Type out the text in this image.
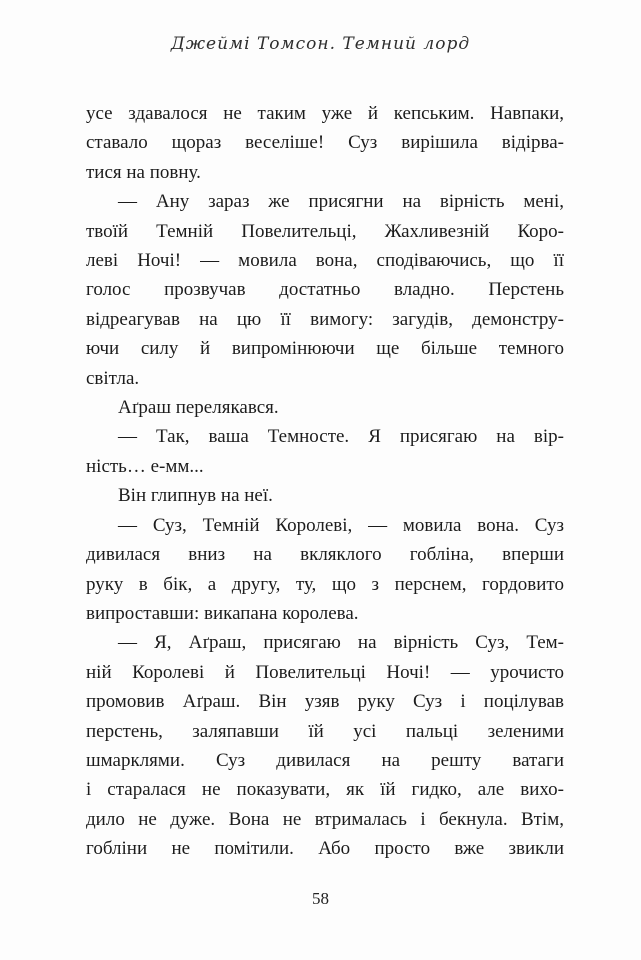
Джеймі Томсон. Темний лорд
усе здавалося не таким уже й кепським. Навпаки,
ставало щораз веселіше! Суз вирішила відірва-
тися на повну.
— Ану зараз же присягни на вірність мені,
твоїй Темній Повелительці, Жахливезній Коро-
леві Ночі! — мовила вона, сподіваючись, що її
голос прозвучав достатньо владно. Перстень
відреагував на цю її вимогу: загудів, демонстру-
ючи силу й випромінюючи ще більше темного
світла.
Аґраш перелякався.
— Так, ваша Темносте. Я присягаю на вір-
ність… е-мм...
Він глипнув на неї.
— Суз, Темній Королеві, — мовила вона. Суз
дивилася вниз на вкляклого гобліна, вперши
руку в бік, а другу, ту, що з перснем, гордовито
випроставши: викапана королева.
— Я, Аґраш, присягаю на вірність Суз, Тем-
ній Королеві й Повелительці Ночі! — урочисто
промовив Аґраш. Він узяв руку Суз і поцілував
перстень, заляпавши їй усі пальці зеленими
шмарклями. Суз дивилася на решту ватаги
і старалася не показувати, як їй гидко, але вихо-
дило не дуже. Вона не втрималась і бекнула. Втім,
гобліни не помітили. Або просто вже звикли
58
